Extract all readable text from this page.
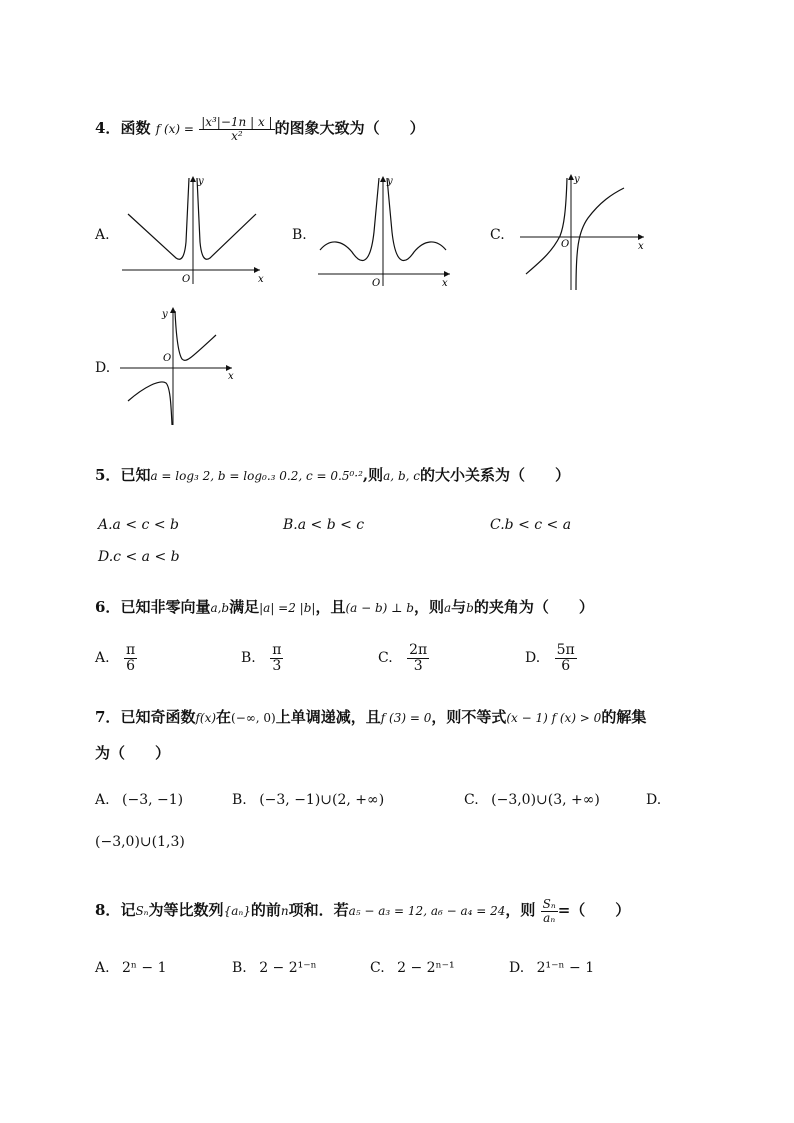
4．函数 f $(x) = \frac{\text{|x³|−1n | x |}}{\text{x²}}$ 的图象大致为（　　）
A.	B.	C.
D.
y
x
O
y
x
O
y
x
O
y
x
O
5．已知a = log₃ 2, b = log₀.₃ 0.2, c = 0.5⁰·²,则a, b, c的大小关系为（　　）
A.a < c < b	B.a < b < c	C.b < c < a
D.c < a < b
6．已知非零向量a,b满足|a| =2 |b|，且(a − b) ⊥ b，则a与b的夹角为（　　）
A. $\frac{\pi}{6}$	B. $\frac{\pi}{3}$	C. $\frac{2\pi}{3}$	D. $\frac{5\pi}{6}$
7．已知奇函数f(x)在(−∞, 0)上单调递减，且f (3) = 0，则不等式(x − 1) f (x) > 0的解集
为（　　）
A. (−3, −1)	B. (−3, −1)∪(2, +∞)	C. (−3,0)∪(3, +∞)	D.
(−3,0)∪(1,3)
8．记Sₙ为等比数列{aₙ}的前n项和．若a₅ − a₃ = 12, a₆ − a₄ = 24，则 $\frac{\text{Sₙ}}{\text{aₙ}}$ =（　　）
A. 2ⁿ − 1	B. 2 − 2¹⁻ⁿ	C. 2 − 2ⁿ⁻¹	D. 2¹⁻ⁿ − 1
